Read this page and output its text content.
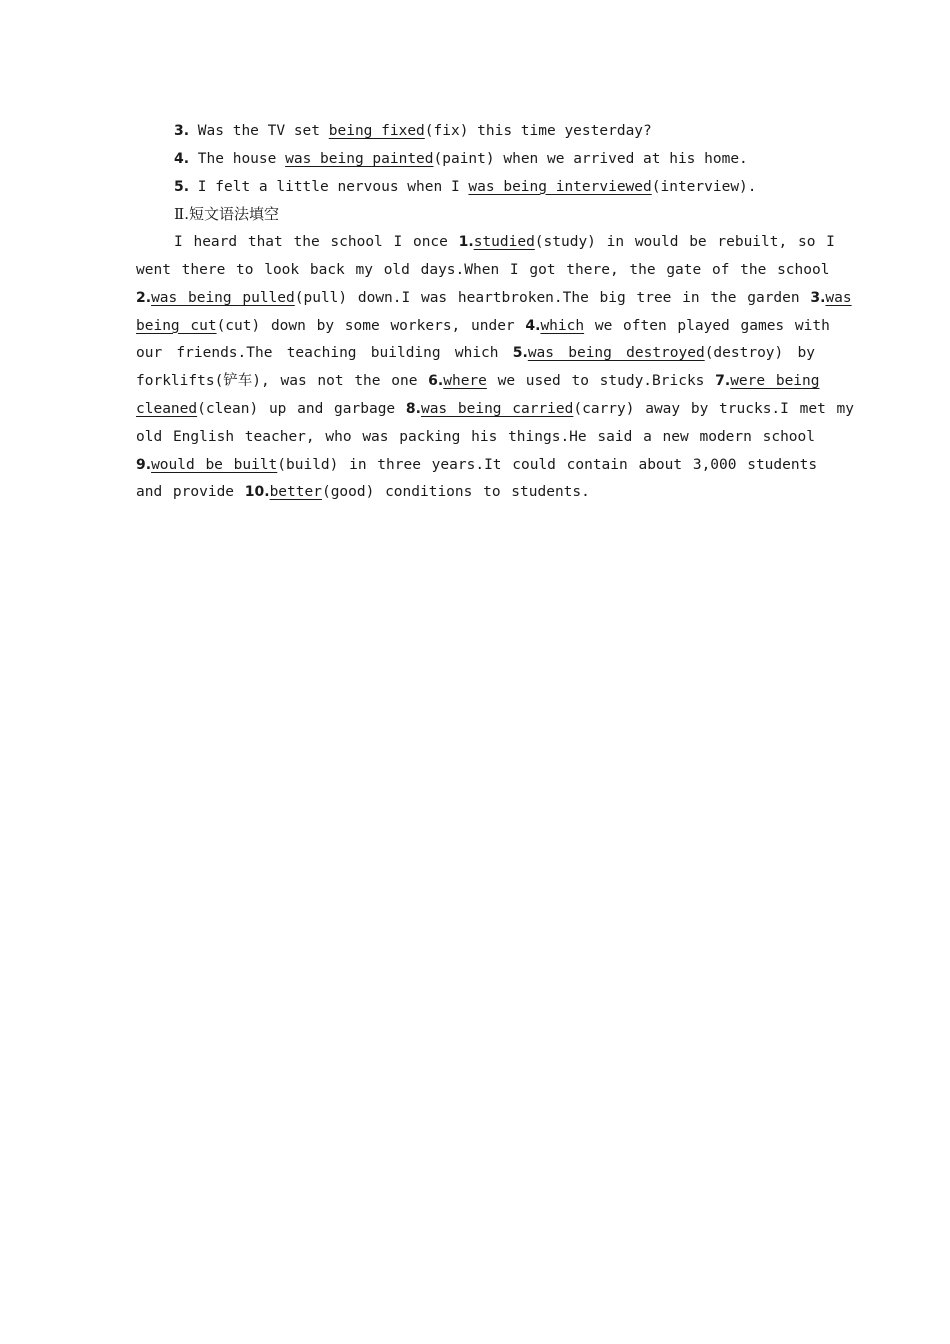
3. Was the TV set being fixed(fix) this time yesterday?
4. The house was being painted(paint) when we arrived at his home.
5. I felt a little nervous when I was being interviewed(interview).
Ⅱ.短文语法填空
I heard that the school I once 1.studied(study) in would be rebuilt, so I
went there to look back my old days.When I got there, the gate of the school
2.was being pulled(pull) down.I was heartbroken.The big tree in the garden 3.was
being cut(cut) down by some workers, under 4.which we often played games with
our friends.The teaching building which 5.was being destroyed(destroy) by
forklifts(铲车), was not the one 6.where we used to study.Bricks 7.were being
cleaned(clean) up and garbage 8.was being carried(carry) away by trucks.I met my
old English teacher, who was packing his things.He said a new modern school
9.would be built(build) in three years.It could contain about 3,000 students
and provide 10.better(good) conditions to students.
